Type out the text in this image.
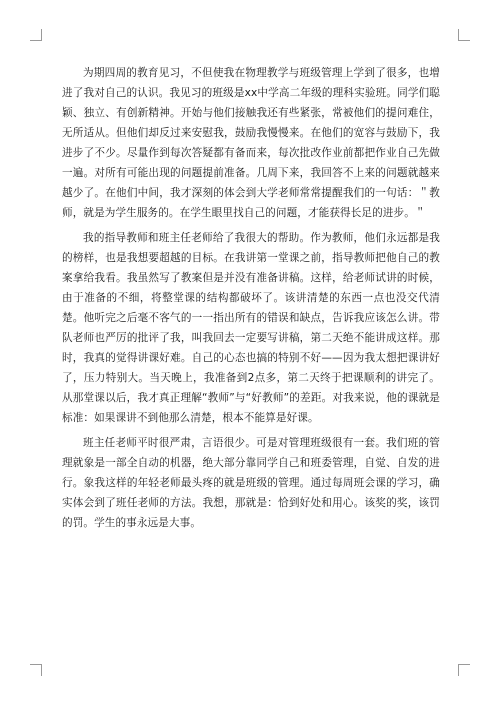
为期四周的教育见习，不但使我在物理教学与班级管理上学到了很多，也增进了我对自己的认识。我见习的班级是xx中学高二年级的理科实验班。同学们聪颖、独立、有创新精神。开始与他们接触我还有些紧张，常被他们的提问难住，无所适从。但他们却反过来安慰我，鼓励我慢慢来。在他们的宽容与鼓励下，我进步了不少。尽量作到每次答疑都有备而来，每次批改作业前都把作业自己先做一遍。对所有可能出现的问题提前准备。几周下来，我回答不上来的问题就越来越少了。在他们中间，我才深刻的体会到大学老师常常提醒我们的一句话：＂教师，就是为学生服务的。在学生眼里找自己的问题，才能获得长足的进步。＂

我的指导教师和班主任老师给了我很大的帮助。作为教师，他们永远都是我的榜样，也是我想要超越的目标。在我讲第一堂课之前，指导教师把他自己的教案拿给我看。我虽然写了教案但是并没有准备讲稿。这样，给老师试讲的时候，由于准备的不细，将整堂课的结构都破坏了。该讲清楚的东西一点也没交代清楚。他听完之后毫不客气的一一指出所有的错误和缺点，告诉我应该怎么讲。带队老师也严厉的批评了我，叫我回去一定要写讲稿，第二天绝不能讲成这样。那时，我真的觉得讲课好难。自己的心态也搞的特别不好——因为我太想把课讲好了，压力特别大。当天晚上，我准备到2点多，第二天终于把课顺利的讲完了。从那堂课以后，我才真正理解“教师”与“好教师”的差距。对我来说，他的课就是标准：如果课讲不到他那么清楚，根本不能算是好课。

班主任老师平时很严肃，言语很少。可是对管理班级很有一套。我们班的管理就象是一部全自动的机器，绝大部分靠同学自己和班委管理，自觉、自发的进行。象我这样的年轻老师最头疼的就是班级的管理。通过每周班会课的学习，确实体会到了班任老师的方法。我想，那就是：恰到好处和用心。该奖的奖，该罚的罚。学生的事永远是大事。
